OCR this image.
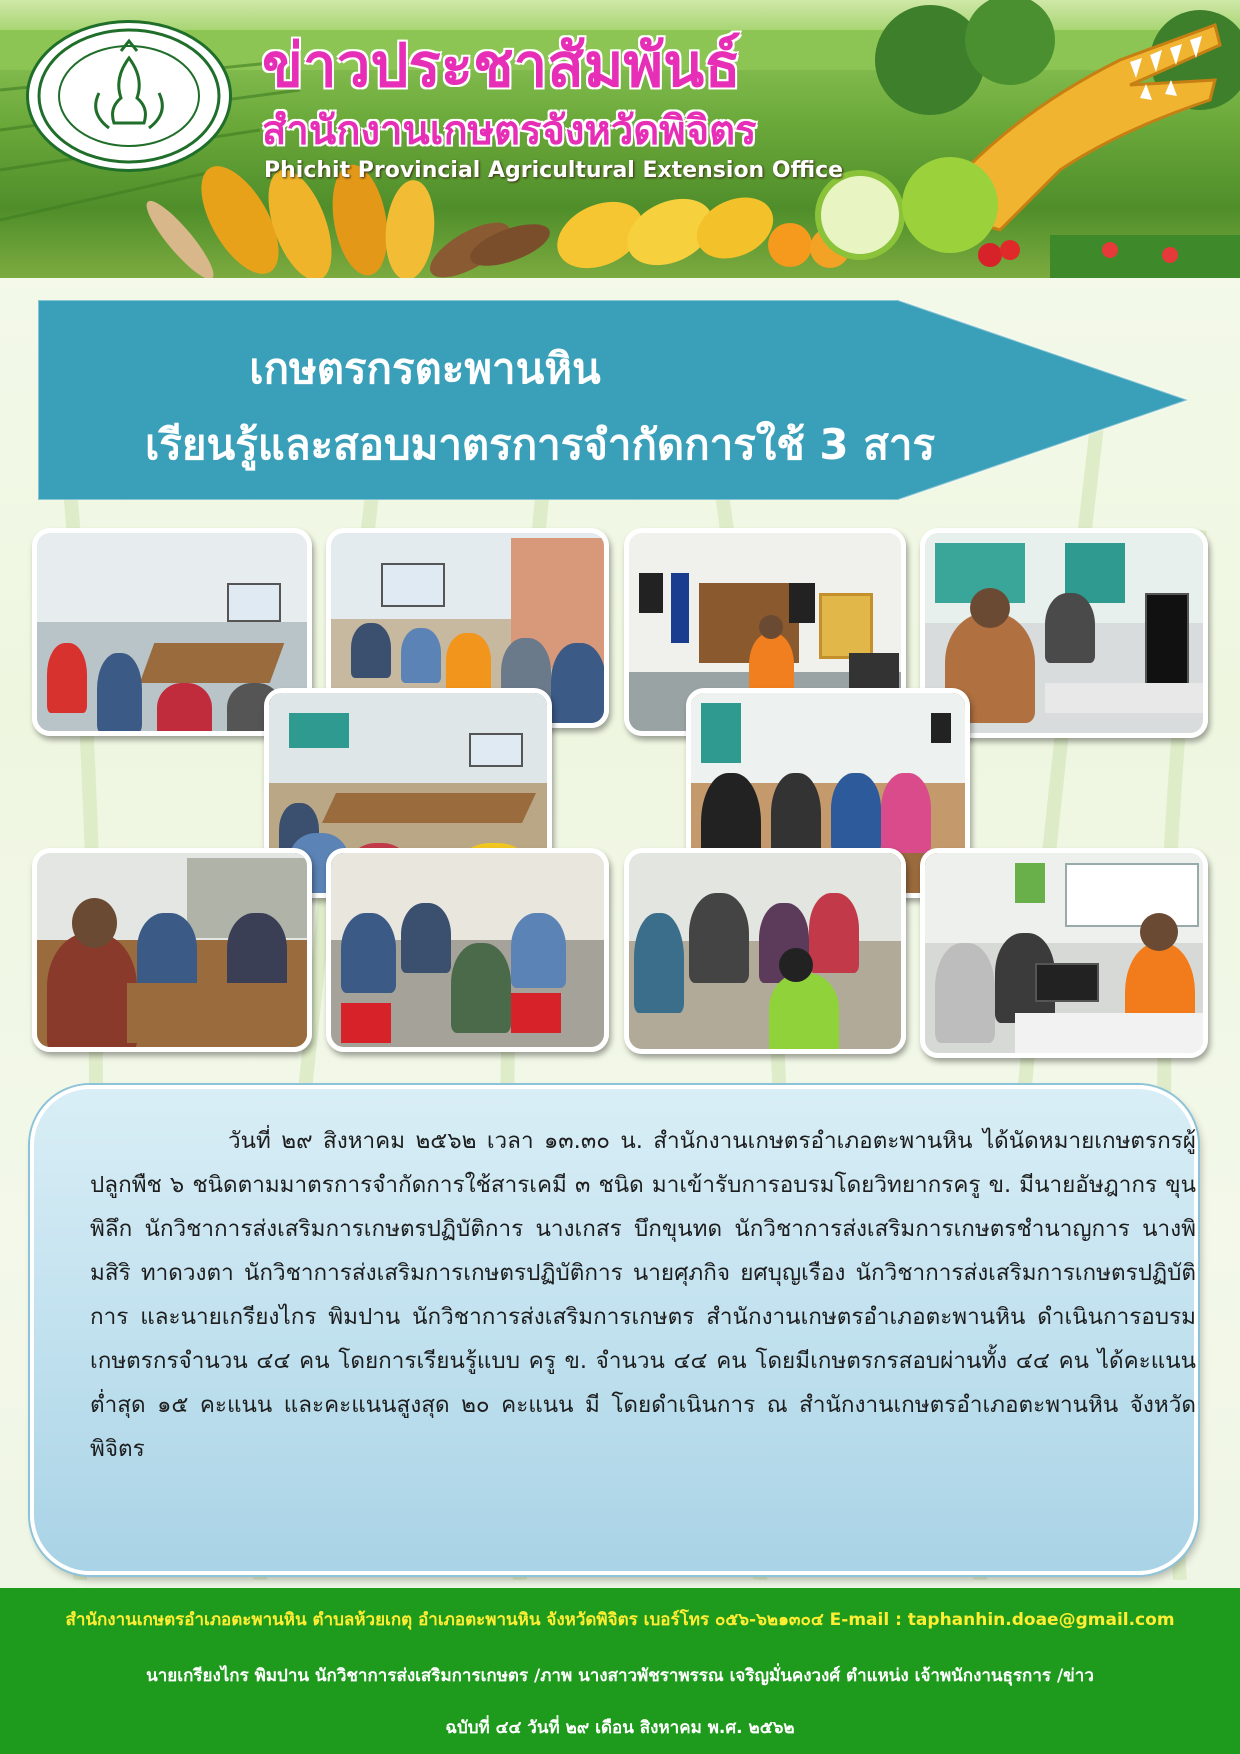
ข่าวประชาสัมพันธ์
สำนักงานเกษตรจังหวัดพิจิตร
Phichit Provincial Agricultural Extension Office
เกษตรกรตะพานหิน
เรียนรู้และสอบมาตรการจำกัดการใช้ 3 สาร
วันที่ ๒๙ สิงหาคม ๒๕๖๒ เวลา ๑๓.๓๐ น. สำนักงานเกษตรอำเภอตะพานหิน ได้นัดหมายเกษตรกรผู้ปลูกพืช ๖ ชนิดตามมาตรการจำกัดการใช้สารเคมี ๓ ชนิด มาเข้ารับการอบรมโดยวิทยากรครู ข. มีนายอัษฎากร ขุนพิลึก นักวิชาการส่งเสริมการเกษตรปฏิบัติการ นางเกสร บึกขุนทด นักวิชาการส่งเสริมการเกษตรชำนาญการ นางพิมสิริ ทาดวงตา นักวิชาการส่งเสริมการเกษตรปฏิบัติการ นายศุภกิจ ยศบุญเรือง นักวิชาการส่งเสริมการเกษตรปฏิบัติการ และนายเกรียงไกร พิมปาน นักวิชาการส่งเสริมการเกษตร สำนักงานเกษตรอำเภอตะพานหิน ดำเนินการอบรมเกษตรกรจำนวน ๔๔ คน โดยการเรียนรู้แบบ ครู ข. จำนวน ๔๔ คน โดยมีเกษตรกรสอบผ่านทั้ง ๔๔ คน ได้คะแนนต่ำสุด ๑๕ คะแนน และคะแนนสูงสุด ๒๐ คะแนน มี โดยดำเนินการ ณ สำนักงานเกษตรอำเภอตะพานหิน จังหวัดพิจิตร
สำนักงานเกษตรอำเภอตะพานหิน ตำบลห้วยเกตุ อำเภอตะพานหิน จังหวัดพิจิตร เบอร์โทร ๐๕๖-๖๒๑๓๐๔ E-mail : taphanhin.doae@gmail.com
นายเกรียงไกร พิมปาน นักวิชาการส่งเสริมการเกษตร /ภาพ นางสาวพัชราพรรณ เจริญมั่นคงวงศ์ ตำแหน่ง เจ้าพนักงานธุรการ /ข่าว
ฉบับที่ ๔๔ วันที่ ๒๙ เดือน สิงหาคม พ.ศ. ๒๕๖๒
